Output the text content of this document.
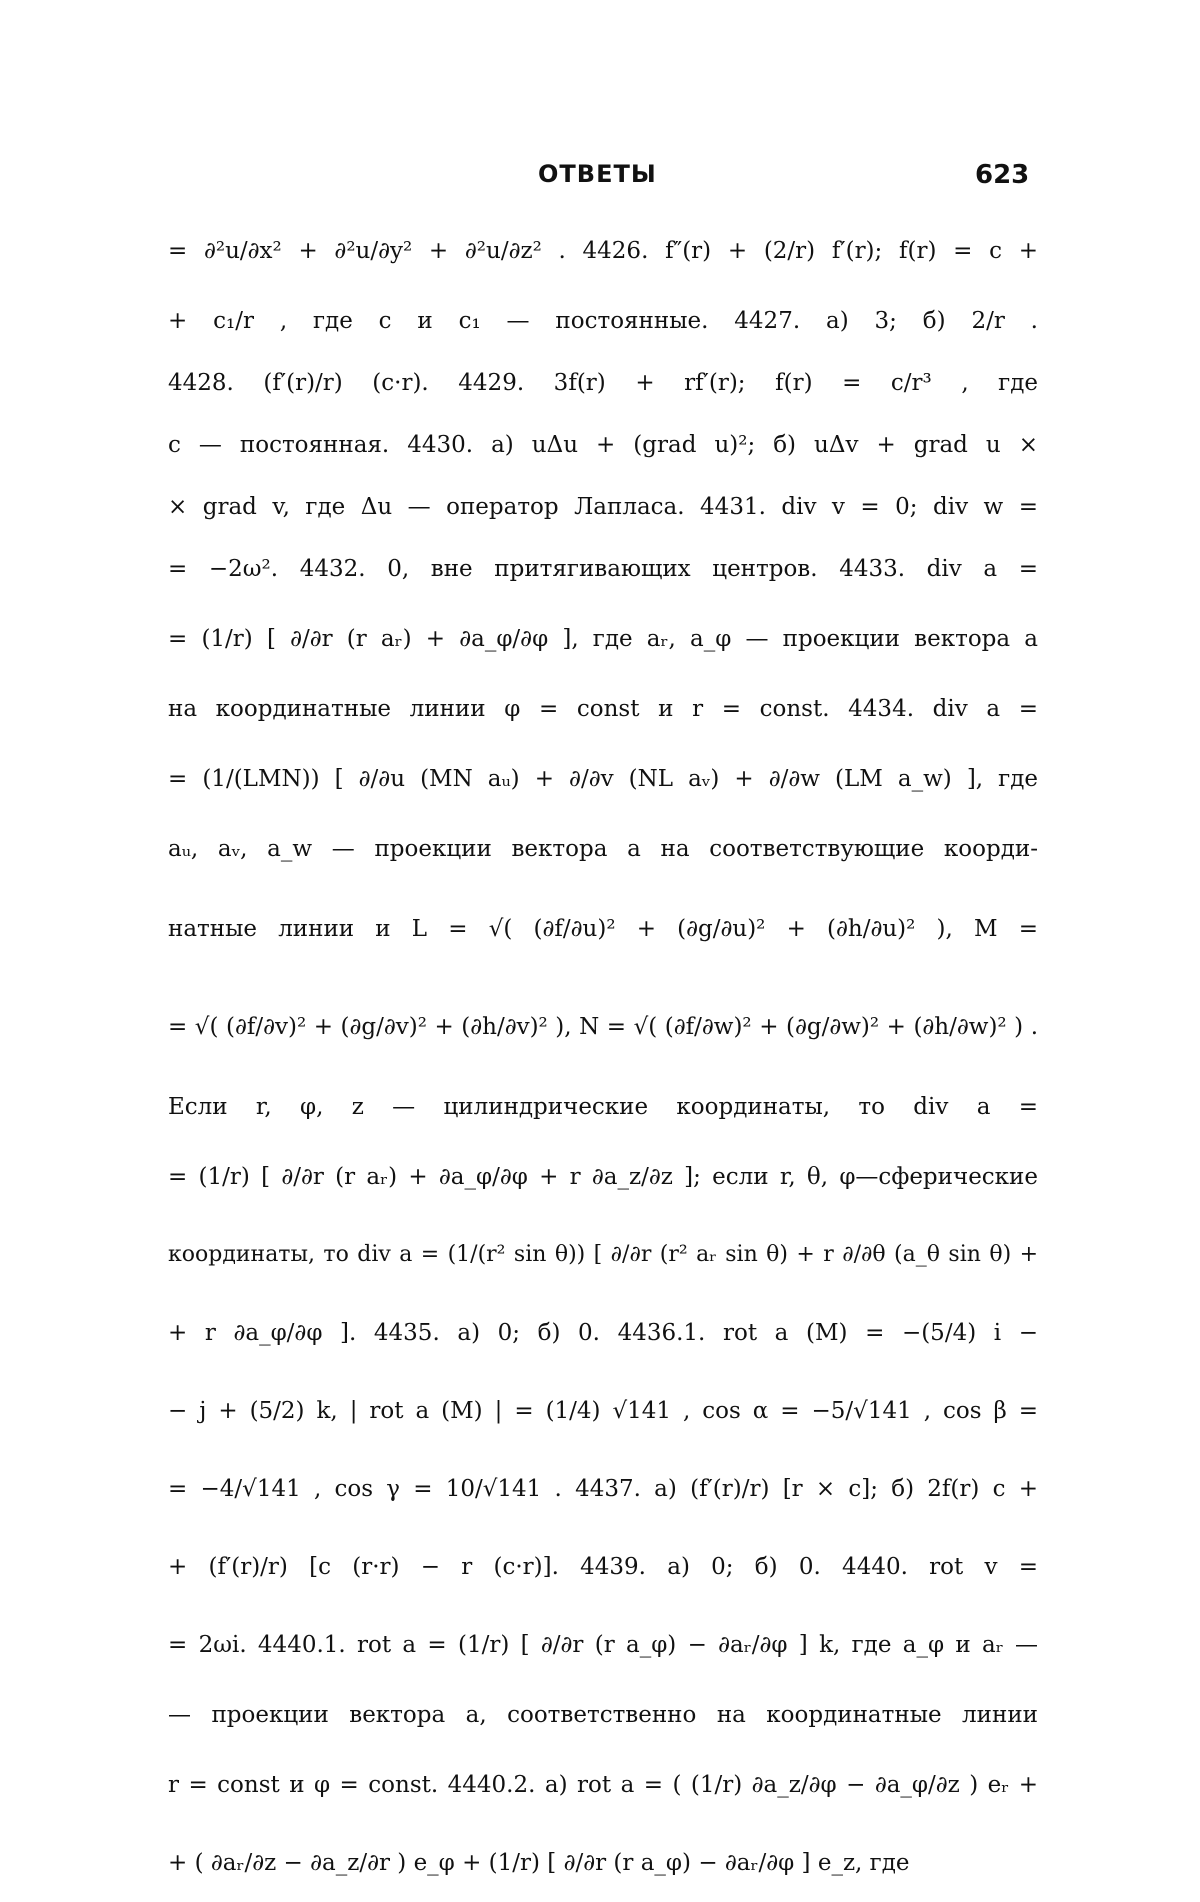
ОТВЕТЫ	623
= ∂²u/∂x² + ∂²u/∂y² + ∂²u/∂z² . 4426. f″(r) + (2/r) f′(r); f(r) = c +
+ c₁/r , где c и c₁ — постоянные. 4427. а) 3; б) 2/r .
4428. (f′(r)/r) (c·r). 4429. 3f(r) + rf′(r); f(r) = c/r³ , где
c — постоянная. 4430. а) uΔu + (grad u)²; б) uΔv + grad u ×
× grad v, где Δu — оператор Лапласа. 4431. div v = 0; div w =
= −2ω². 4432. 0, вне притягивающих центров. 4433. div a =
= (1/r) [ ∂/∂r (r aᵣ) + ∂a_φ/∂φ ], где aᵣ, a_φ — проекции вектора a
на координатные линии φ = const и r = const. 4434. div a =
= (1/(LMN)) [ ∂/∂u (MN aᵤ) + ∂/∂v (NL aᵥ) + ∂/∂w (LM a_w) ], где
aᵤ, aᵥ, a_w — проекции вектора a на соответствующие коорди-
натные линии и L = √( (∂f/∂u)² + (∂g/∂u)² + (∂h/∂u)² ), M =
= √( (∂f/∂v)² + (∂g/∂v)² + (∂h/∂v)² ), N = √( (∂f/∂w)² + (∂g/∂w)² + (∂h/∂w)² ) .
Если r, φ, z — цилиндрические координаты, то div a =
= (1/r) [ ∂/∂r (r aᵣ) + ∂a_φ/∂φ + r ∂a_z/∂z ]; если r, θ, φ—сферические
координаты, то div a = (1/(r² sin θ)) [ ∂/∂r (r² aᵣ sin θ) + r ∂/∂θ (a_θ sin θ) +
+ r ∂a_φ/∂φ ]. 4435. а) 0; б) 0. 4436.1. rot a (M) = −(5/4) i −
− j + (5/2) k, | rot a (M) | = (1/4) √141 , cos α = −5/√141 , cos β =
= −4/√141 , cos γ = 10/√141 . 4437. а) (f′(r)/r) [r × c]; б) 2f(r) c +
+ (f′(r)/r) [c (r·r) − r (c·r)]. 4439. а) 0; б) 0. 4440. rot v =
= 2ωi. 4440.1. rot a = (1/r) [ ∂/∂r (r a_φ) − ∂aᵣ/∂φ ] k, где a_φ и aᵣ —
— проекции вектора a, соответственно на координатные линии
r = const и φ = const. 4440.2. а) rot a = ( (1/r) ∂a_z/∂φ − ∂a_φ/∂z ) eᵣ +
+ ( ∂aᵣ/∂z − ∂a_z/∂r ) e_φ + (1/r) [ ∂/∂r (r a_φ) − ∂aᵣ/∂φ ] e_z, где
